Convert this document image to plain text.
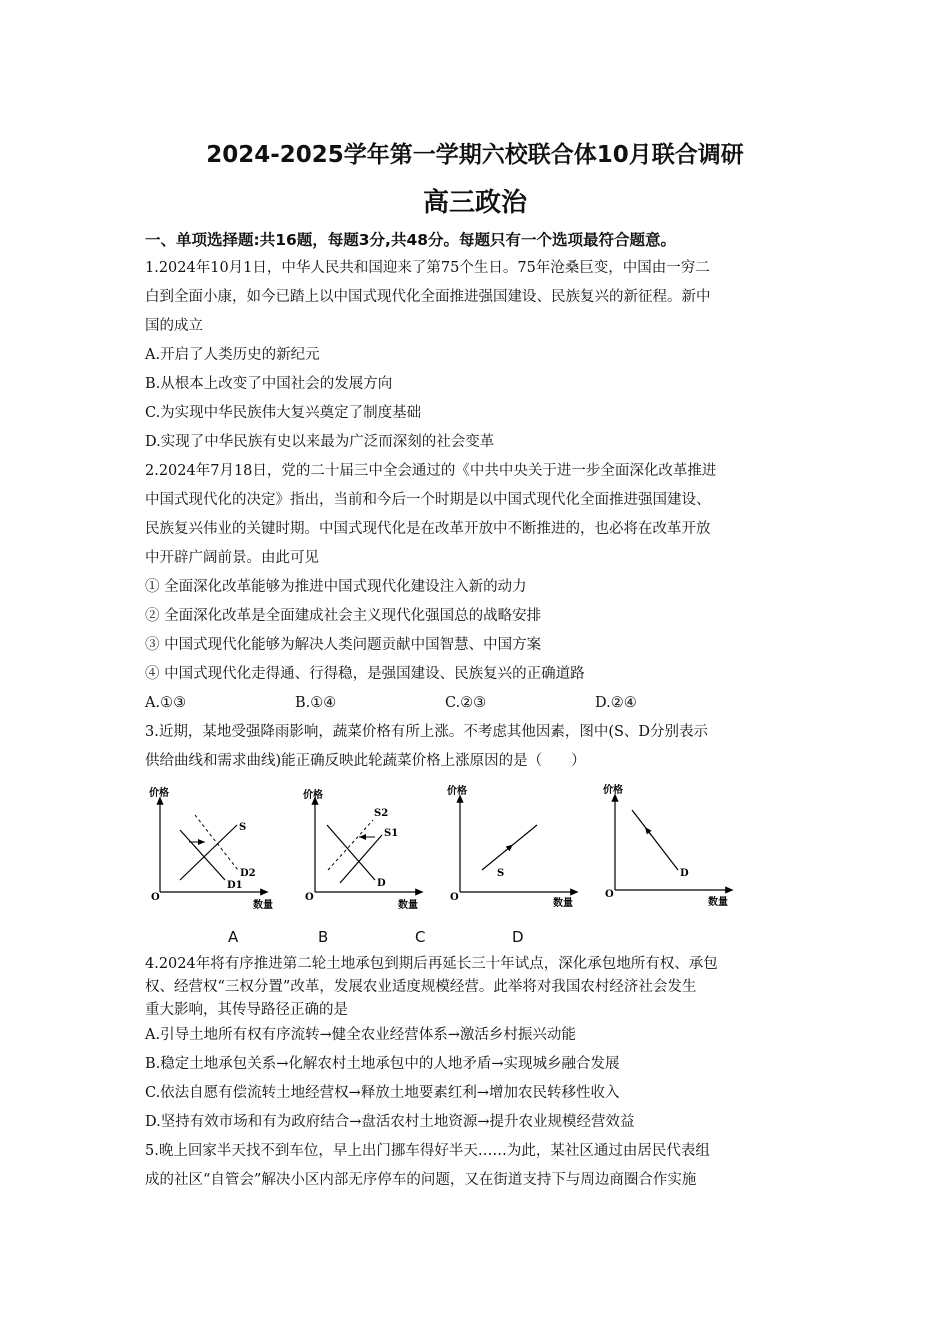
2024-2025学年第一学期六校联合体10月联合调研
高三政治
一、单项选择题:共16题，每题3分,共48分。每题只有一个选项最符合题意。
1.2024年10月1日，中华人民共和国迎来了第75个生日。75年沧桑巨变，中国由一穷二
白到全面小康，如今已踏上以中国式现代化全面推进强国建设、民族复兴的新征程。新中
国的成立
A.开启了人类历史的新纪元
B.从根本上改变了中国社会的发展方向
C.为实现中华民族伟大复兴奠定了制度基础
D.实现了中华民族有史以来最为广泛而深刻的社会变革
2.2024年7月18日，党的二十届三中全会通过的《中共中央关于进一步全面深化改革推进
中国式现代化的决定》指出，当前和今后一个时期是以中国式现代化全面推进强国建设、
民族复兴伟业的关键时期。中国式现代化是在改革开放中不断推进的，也必将在改革开放
中开辟广阔前景。由此可见
① 全面深化改革能够为推进中国式现代化建设注入新的动力
② 全面深化改革是全面建成社会主义现代化强国总的战略安排
③ 中国式现代化能够为解决人类问题贡献中国智慧、中国方案
④ 中国式现代化走得通、行得稳，是强国建设、民族复兴的正确道路
A.①③	B.①④	C.②③	D.②④
3.近期，某地受强降雨影响，蔬菜价格有所上涨。不考虑其他因素，图中(S、D分别表示
供给曲线和需求曲线)能正确反映此轮蔬菜价格上涨原因的是（　　）
价格
数量
O
S
D1
D2
价格
数量
O
S2
S1
D
价格
数量
O
S
价格
数量
O
D
A	B	C	D
4.2024年将有序推进第二轮土地承包到期后再延长三十年试点，深化承包地所有权、承包
权、经营权“三权分置”改革，发展农业适度规模经营。此举将对我国农村经济社会发生
重大影响，其传导路径正确的是
A.引导土地所有权有序流转→健全农业经营体系→激活乡村振兴动能
B.稳定土地承包关系→化解农村土地承包中的人地矛盾→实现城乡融合发展
C.依法自愿有偿流转土地经营权→释放土地要素红利→增加农民转移性收入
D.坚持有效市场和有为政府结合→盘活农村土地资源→提升农业规模经营效益
5.晚上回家半天找不到车位，早上出门挪车得好半天……为此，某社区通过由居民代表组
成的社区“自管会”解决小区内部无序停车的问题，又在街道支持下与周边商圈合作实施
